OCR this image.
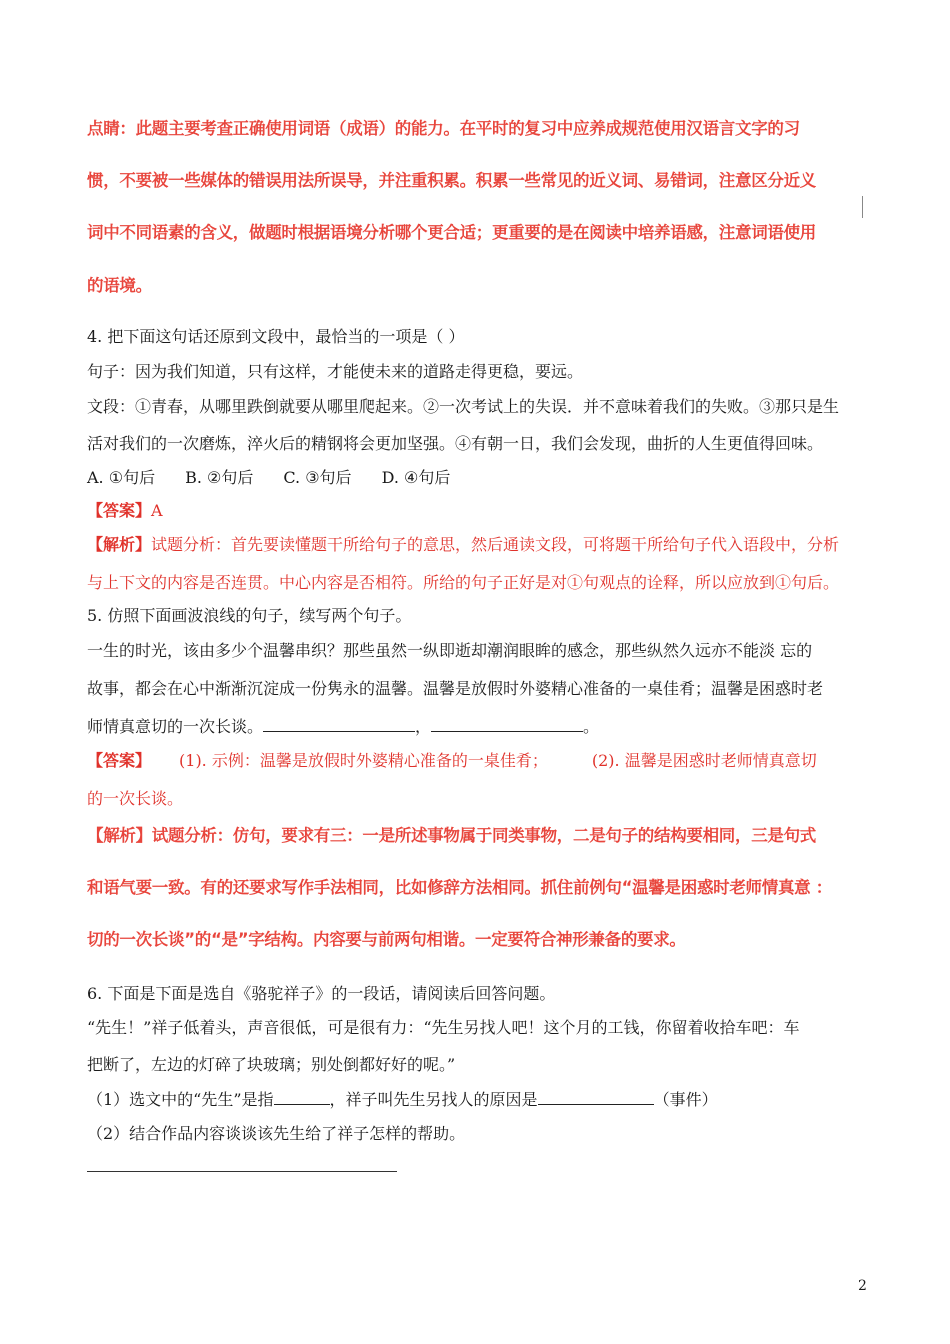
点睛：此题主要考查正确使用词语（成语）的能力。在平时的复习中应养成规范使用汉语言文字的习
惯，不要被一些媒体的错误用法所误导，并注重积累。积累一些常见的近义词、易错词，注意区分近义
词中不同语素的含义，做题时根据语境分析哪个更合适；更重要的是在阅读中培养语感，注意词语使用
的语境。
4. 把下面这句话还原到文段中，最恰当的一项是（ ）
句子：因为我们知道，只有这样，才能使未来的道路走得更稳，要远。
文段：①青春，从哪里跌倒就要从哪里爬起来。②一次考试上的失误．并不意味着我们的失败。③那只是生
活对我们的一次磨炼，淬火后的精钢将会更加坚强。④有朝一日，我们会发现，曲折的人生更值得回味。
A. ①句后 B. ②句后 C. ③句后 D. ④句后
【答案】A
【解析】试题分析：首先要读懂题干所给句子的意思，然后通读文段，可将题干所给句子代入语段中，分析
与上下文的内容是否连贯。中心内容是否相符。所给的句子正好是对①句观点的诠释，所以应放到①句后。
5. 仿照下面画波浪线的句子，续写两个句子。
一生的时光，该由多少个温馨串织？那些虽然一纵即逝却潮润眼眸的感念，那些纵然久远亦不能淡 忘的
故事，都会在心中渐渐沉淀成一份隽永的温馨。温馨是放假时外婆精心准备的一桌佳肴；温馨是困惑时老
师情真意切的一次长谈。	，	。
【答案】 (1). 示例：温馨是放假时外婆精心准备的一桌佳肴；	(2). 温馨是困惑时老师情真意切
的一次长谈。
【解析】试题分析：仿句，要求有三：一是所述事物属于同类事物，二是句子的结构要相同，三是句式
和语气要一致。有的还要求写作手法相同，比如修辞方法相同。抓住前例句“温馨是困惑时老师情真意 ：
切的一次长谈”的“是”字结构。内容要与前两句相谐。一定要符合神形兼备的要求。
6. 下面是下面是选自《骆驼祥子》的一段话，请阅读后回答问题。
“先生！”祥子低着头，声音很低，可是很有力：“先生另找人吧！这个月的工钱，你留着收拾车吧：车
把断了，左边的灯碎了块玻璃；别处倒都好好的呢。”
（1）选文中的“先生”是指	，祥子叫先生另找人的原因是	（事件）
（2）结合作品内容谈谈该先生给了祥子怎样的帮助。
2
